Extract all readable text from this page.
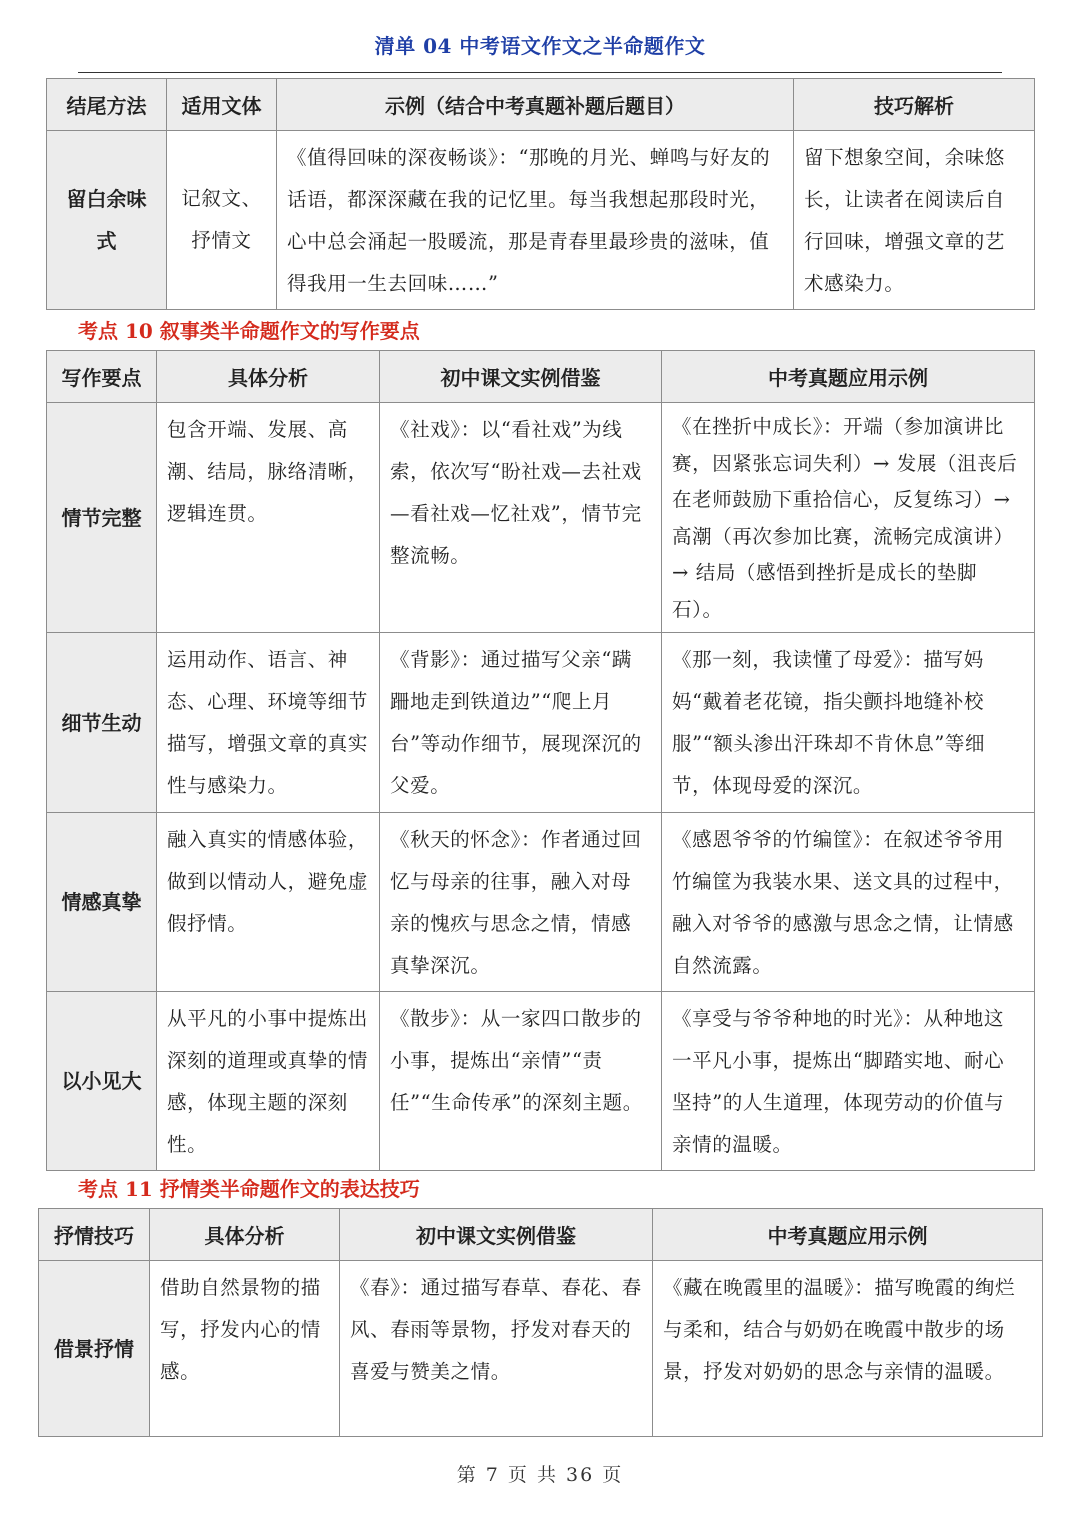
清单 04 中考语文作文之半命题作文
结尾方法	适用文体	示例（结合中考真题补题后题目）	技巧解析
留白余味式	记叙文、抒情文	《值得回味的深夜畅谈》：“那晚的月光、蝉鸣与好友的话语，都深深藏在我的记忆里。每当我想起那段时光，心中总会涌起一股暖流，那是青春里最珍贵的滋味，值得我用一生去回味……”	留下想象空间，余味悠长，让读者在阅读后自行回味，增强文章的艺术感染力。
考点 10 叙事类半命题作文的写作要点
写作要点	具体分析	初中课文实例借鉴	中考真题应用示例
情节完整	包含开端、发展、高潮、结局，脉络清晰，逻辑连贯。	《社戏》：以“看社戏”为线索，依次写“盼社戏—去社戏—看社戏—忆社戏”，情节完整流畅。	《在挫折中成长》：开端（参加演讲比赛，因紧张忘词失利）→ 发展（沮丧后在老师鼓励下重拾信心，反复练习）→ 高潮（再次参加比赛，流畅完成演讲）→ 结局（感悟到挫折是成长的垫脚石）。
细节生动	运用动作、语言、神态、心理、环境等细节描写，增强文章的真实性与感染力。	《背影》：通过描写父亲“蹒跚地走到铁道边”“爬上月台”等动作细节，展现深沉的父爱。	《那一刻，我读懂了母爱》：描写妈妈“戴着老花镜，指尖颤抖地缝补校服”“额头渗出汗珠却不肯休息”等细节，体现母爱的深沉。
情感真挚	融入真实的情感体验，做到以情动人，避免虚假抒情。	《秋天的怀念》：作者通过回忆与母亲的往事，融入对母亲的愧疚与思念之情，情感真挚深沉。	《感恩爷爷的竹编筐》：在叙述爷爷用竹编筐为我装水果、送文具的过程中，融入对爷爷的感激与思念之情，让情感自然流露。
以小见大	从平凡的小事中提炼出深刻的道理或真挚的情感，体现主题的深刻性。	《散步》：从一家四口散步的小事，提炼出“亲情”“责任”“生命传承”的深刻主题。	《享受与爷爷种地的时光》：从种地这一平凡小事，提炼出“脚踏实地、耐心坚持”的人生道理，体现劳动的价值与亲情的温暖。
考点 11 抒情类半命题作文的表达技巧
抒情技巧	具体分析	初中课文实例借鉴	中考真题应用示例
借景抒情	借助自然景物的描写，抒发内心的情感。	《春》：通过描写春草、春花、春风、春雨等景物，抒发对春天的喜爱与赞美之情。	《藏在晚霞里的温暖》：描写晚霞的绚烂与柔和，结合与奶奶在晚霞中散步的场景，抒发对奶奶的思念与亲情的温暖。
第 7 页 共 36 页
